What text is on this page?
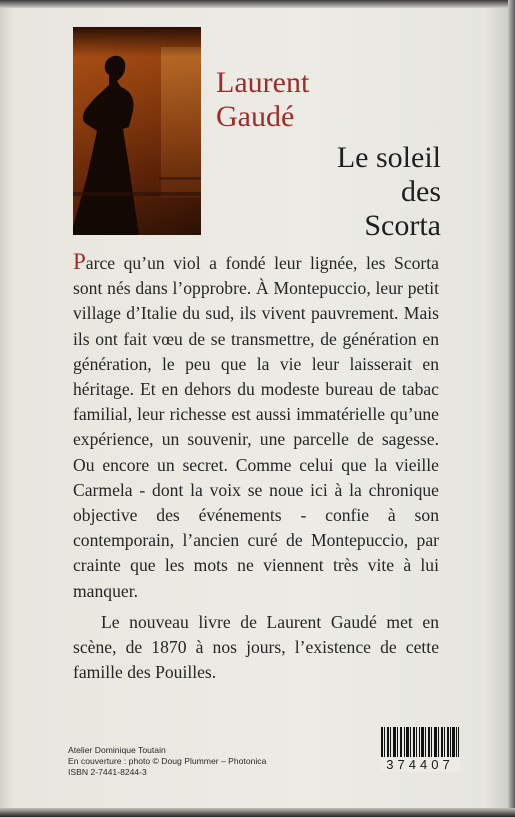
Laurent
Gaudé
Le soleil
des
Scorta

Parce qu’un viol a fondé leur lignée, les Scorta sont nés dans l’opprobre. À Montepuccio, leur petit village d’Italie du sud, ils vivent pauvrement. Mais ils ont fait vœu de se transmettre, de génération en génération, le peu que la vie leur laisserait en héritage. Et en dehors du modeste bureau de tabac familial, leur richesse est aussi immatérielle qu’une expérience, un souvenir, une parcelle de sagesse. Ou encore un secret. Comme celui que la vieille Carmela - dont la voix se noue ici à la chronique objective des événements - confie à son contemporain, l’ancien curé de Montepuccio, par crainte que les mots ne viennent très vite à lui manquer.

Le nouveau livre de Laurent Gaudé met en scène, de 1870 à nos jours, l’existence de cette famille des Pouilles.

Atelier Dominique Toutain
En couverture : photo © Doug Plummer – Photonica
ISBN 2-7441-8244-3	374407
